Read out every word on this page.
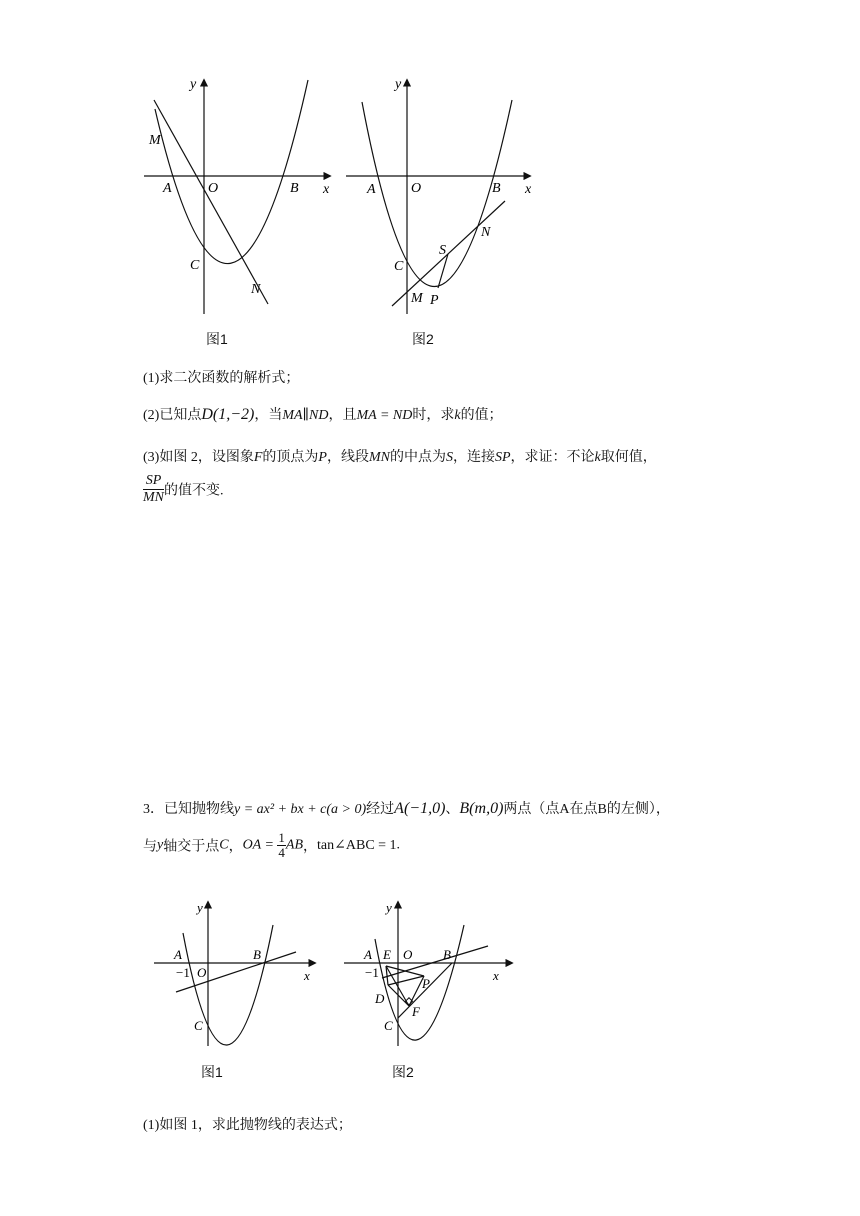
y
M
A	O	B x
C
N
图1
y
A	O	B x
N
S
C
M P
图2
(1)求二次函数的解析式；
(2)已知点D(1,−2)，当MA∥ND，且MA = ND时，求k的值；
(3)如图 2，设图象F的顶点为P，线段MN的中点为S，连接SP，求证：不论k取何值，
$\frac{SP}{MN}$ 的值不变.
3．已知抛物线y = ax² + bx + c(a > 0)经过A(−1,0)、B(m,0)两点（点A在点B的左侧），
与y轴交于点C，OA = $\frac{1}{4}$ AB，tan∠ABC = 1.
y
A	B
−1 O	x
C
图1
y
A E O B
−1	x
P
D
F
C
图2
(1)如图 1，求此抛物线的表达式；
